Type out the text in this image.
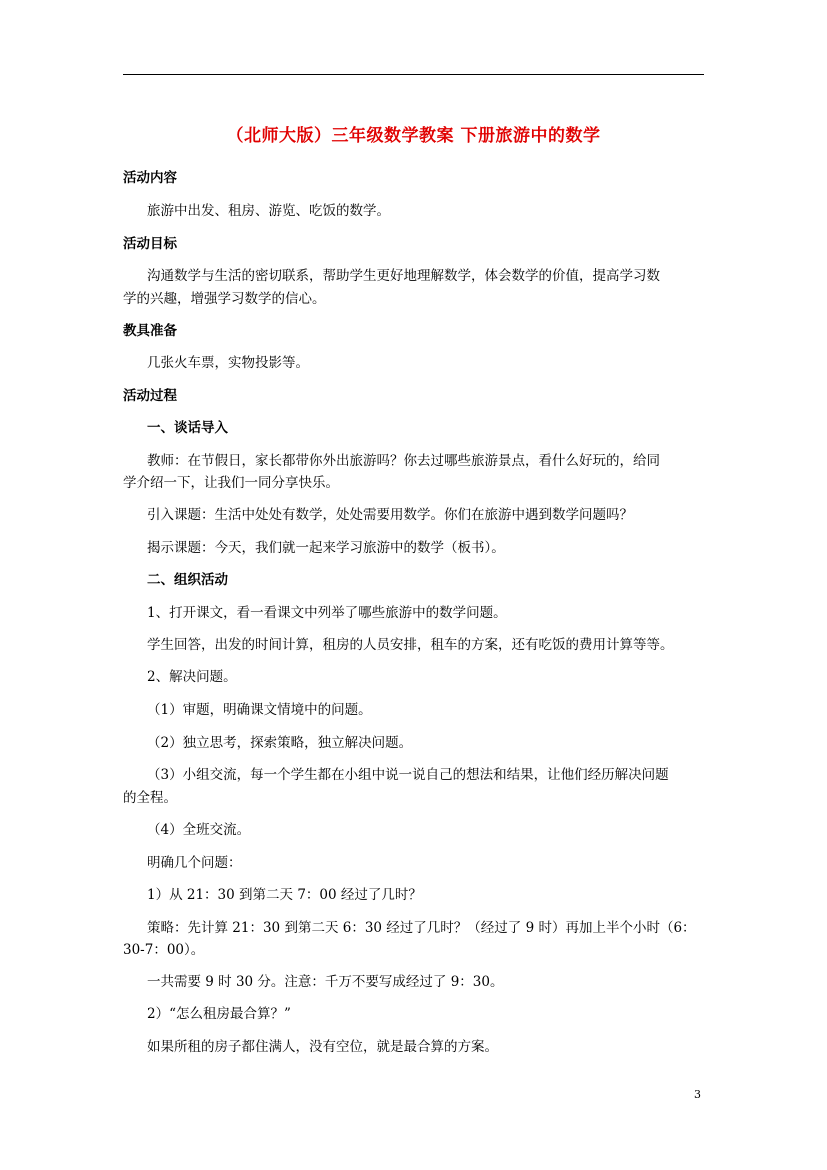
（北师大版）三年级数学教案 下册旅游中的数学
活动内容
旅游中出发、租房、游览、吃饭的数学。
活动目标
沟通数学与生活的密切联系，帮助学生更好地理解数学，体会数学的价值，提高学习数
学的兴趣，增强学习数学的信心。
教具准备
几张火车票，实物投影等。
活动过程
一、谈话导入
教师：在节假日，家长都带你外出旅游吗？你去过哪些旅游景点，看什么好玩的，给同
学介绍一下，让我们一同分享快乐。
引入课题：生活中处处有数学，处处需要用数学。你们在旅游中遇到数学问题吗？
揭示课题：今天，我们就一起来学习旅游中的数学（板书）。
二、组织活动
1、打开课文，看一看课文中列举了哪些旅游中的数学问题。
学生回答，出发的时间计算，租房的人员安排，租车的方案，还有吃饭的费用计算等等。
2、解决问题。
（1）审题，明确课文情境中的问题。
（2）独立思考，探索策略，独立解决问题。
（3）小组交流，每一个学生都在小组中说一说自己的想法和结果，让他们经历解决问题
的全程。
（4）全班交流。
明确几个问题：
1）从 21：30 到第二天 7：00 经过了几时？
策略：先计算 21：30 到第二天 6：30 经过了几时？（经过了 9 时）再加上半个小时（6：
30-7：00）。
一共需要 9 时 30 分。注意：千万不要写成经过了 9：30。
2）“怎么租房最合算？”
如果所租的房子都住满人，没有空位，就是最合算的方案。
3
